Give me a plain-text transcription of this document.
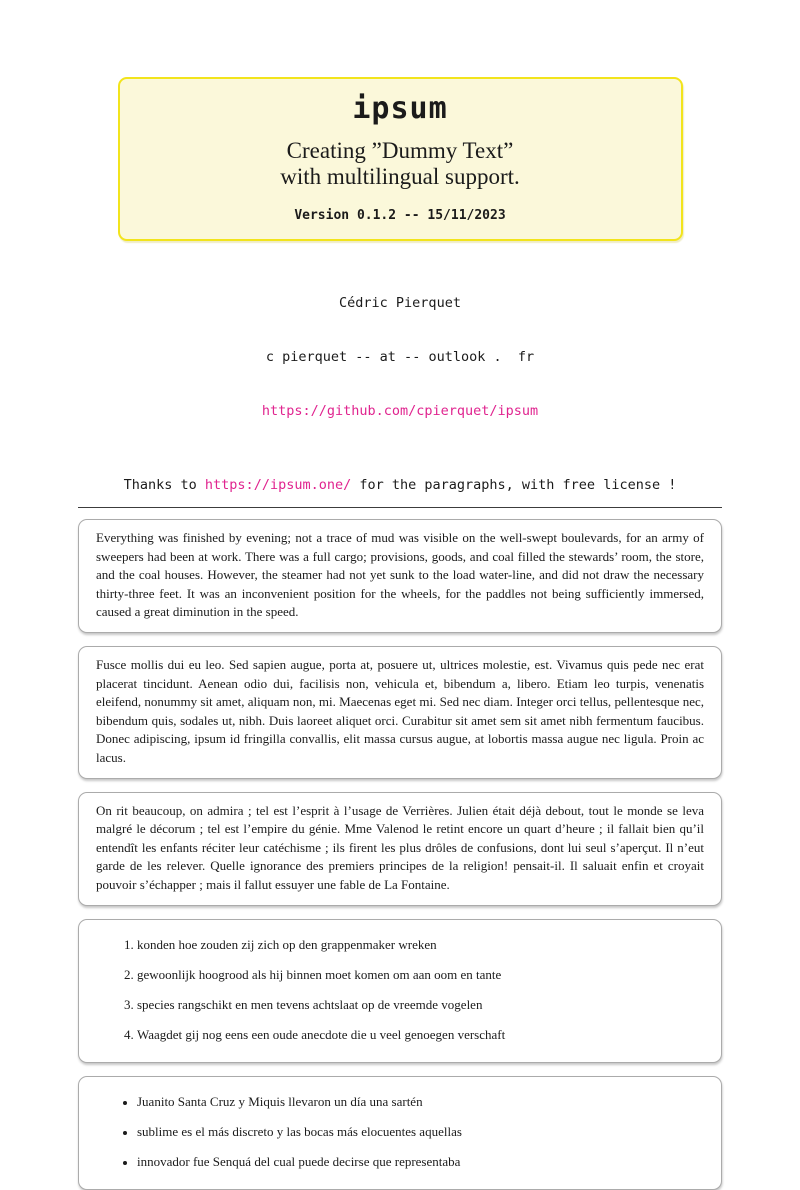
ipsum
Creating ”Dummy Text”
with multilingual support.
Version 0.1.2 -- 15/11/2023

Cédric Pierquet

c pierquet -- at -- outlook .  fr

https://github.com/cpierquet/ipsum

Thanks to https://ipsum.one/ for the paragraphs, with free license !

Everything was finished by evening; not a trace of mud was visible on the well-swept boulevards, for an army of sweepers had been at work. There was a full cargo; provisions, goods, and coal filled the stewards’ room, the store, and the coal houses. However, the steamer had not yet sunk to the load water-line, and did not draw the necessary thirty-three feet. It was an inconvenient position for the wheels, for the paddles not being sufficiently immersed, caused a great diminution in the speed.

Fusce mollis dui eu leo. Sed sapien augue, porta at, posuere ut, ultrices molestie, est. Vivamus quis pede nec erat placerat tincidunt. Aenean odio dui, facilisis non, vehicula et, bibendum a, libero. Etiam leo turpis, venenatis eleifend, nonummy sit amet, aliquam non, mi. Maecenas eget mi. Sed nec diam. Integer orci tellus, pellentesque nec, bibendum quis, sodales ut, nibh. Duis laoreet aliquet orci. Curabitur sit amet sem sit amet nibh fermentum faucibus. Donec adipiscing, ipsum id fringilla convallis, elit massa cursus augue, at lobortis massa augue nec ligula. Proin ac lacus.

On rit beaucoup, on admira ; tel est l’esprit à l’usage de Verrières. Julien était déjà debout, tout le monde se leva malgré le décorum ; tel est l’empire du génie. Mme Valenod le retint encore un quart d’heure ; il fallait bien qu’il entendît les enfants réciter leur catéchisme ; ils firent les plus drôles de confusions, dont lui seul s’aperçut. Il n’eut garde de les relever. Quelle ignorance des premiers principes de la religion! pensait-il. Il saluait enfin et croyait pouvoir s’échapper ; mais il fallut essuyer une fable de La Fontaine.

1. konden hoe zouden zij zich op den grappenmaker wreken
2. gewoonlijk hoogrood als hij binnen moet komen om aan oom en tante
3. species rangschikt en men tevens achtslaat op de vreemde vogelen
4. Waagdet gij nog eens een oude anecdote die u veel genoegen verschaft
• Juanito Santa Cruz y Miquis llevaron un día una sartén
• sublime es el más discreto y las bocas más elocuentes aquellas
• innovador fue Senquá del cual puede decirse que representaba
